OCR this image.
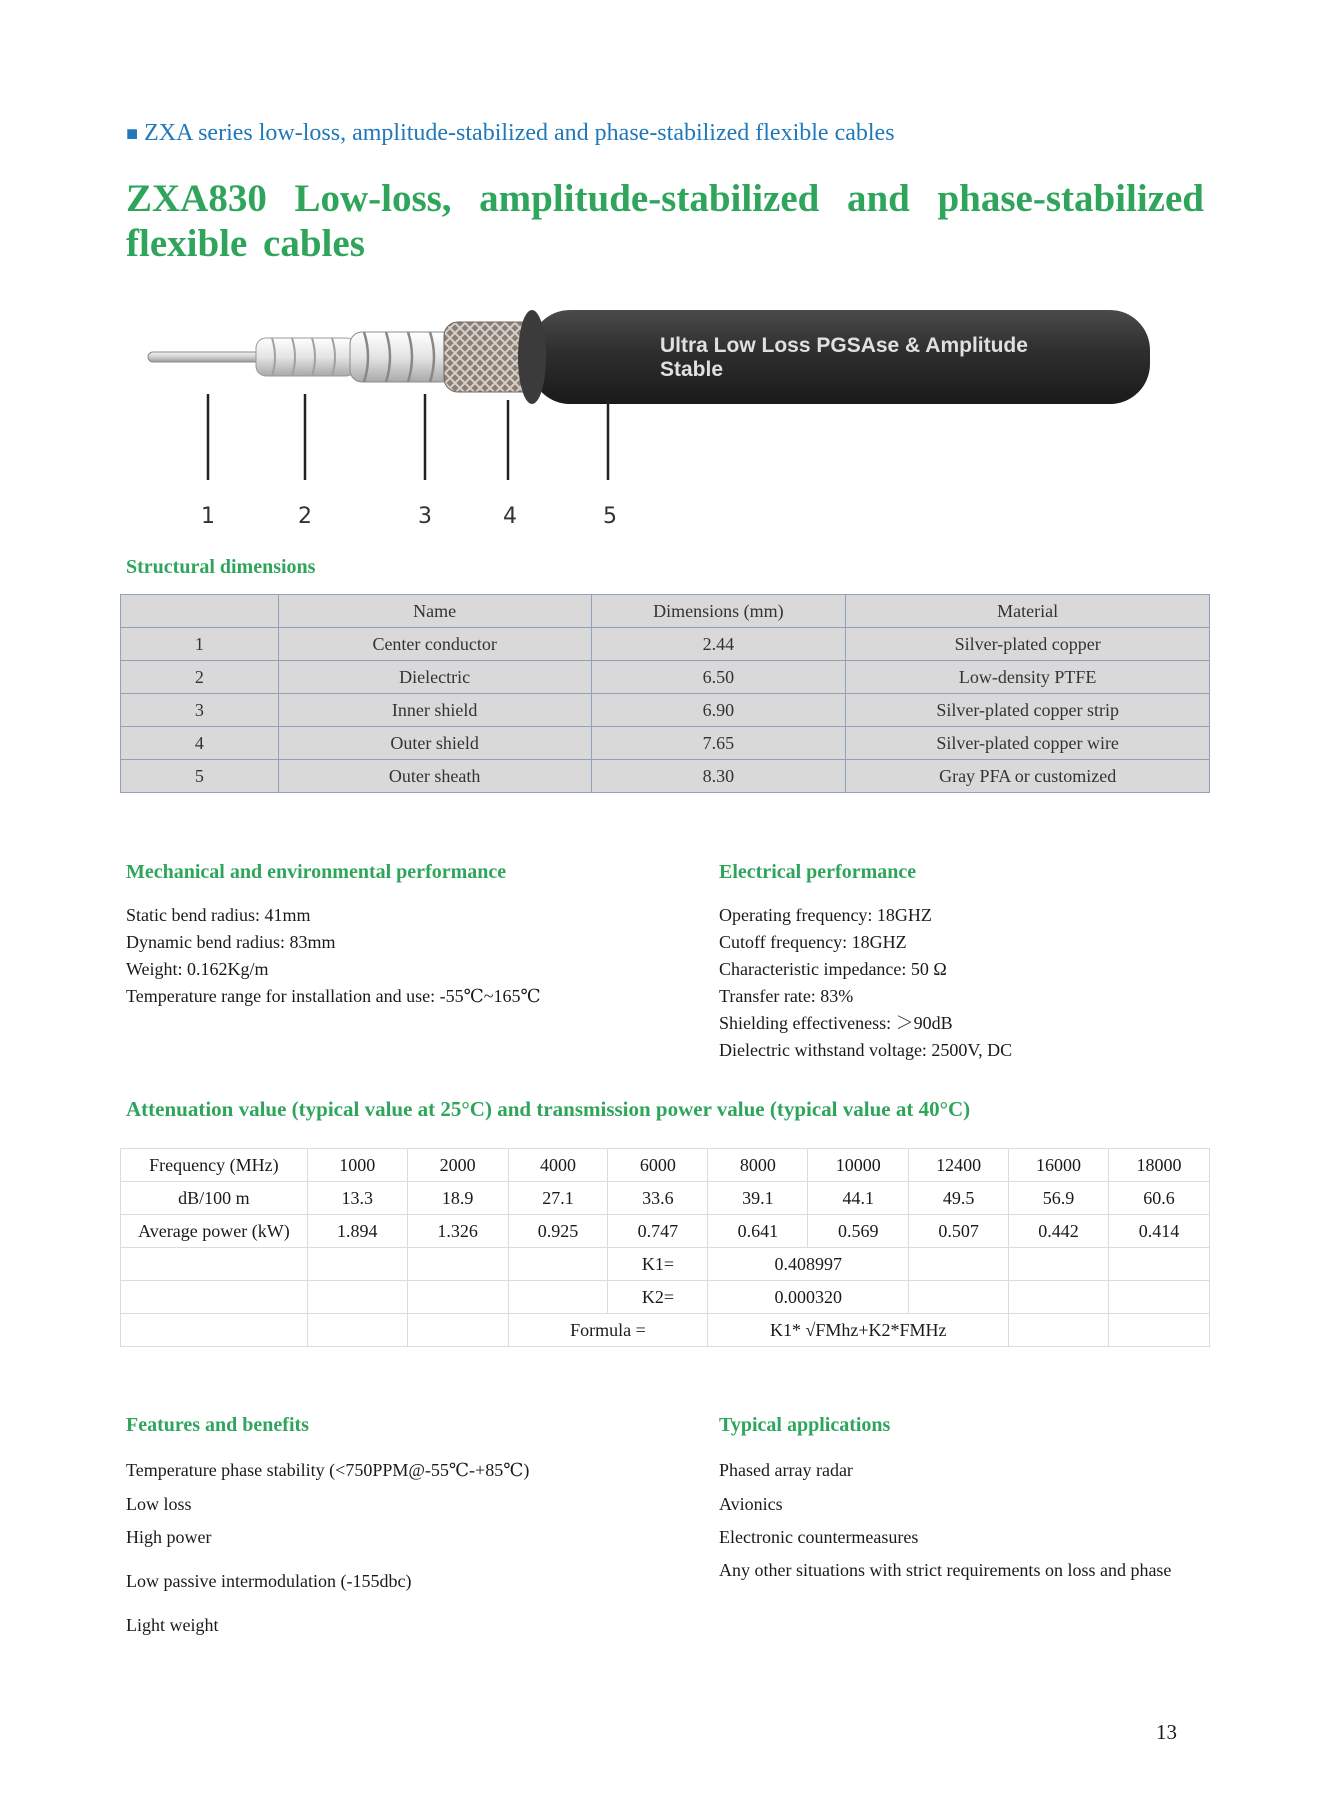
■ ZXA series low-loss, amplitude-stabilized and phase-stabilized flexible cables
ZXA830 Low-loss, amplitude-stabilized and phase-stabilized flexible cables
Ultra Low Loss PGSAse & Amplitude
Stable
1	2	3	4	5
Structural dimensions
	Name	Dimensions (mm)	Material
1	Center conductor	2.44	Silver-plated copper
2	Dielectric	6.50	Low-density PTFE
3	Inner shield	6.90	Silver-plated copper strip
4	Outer shield	7.65	Silver-plated copper wire
5	Outer sheath	8.30	Gray PFA or customized
Mechanical and environmental performance
Static bend radius: 41mm
Dynamic bend radius: 83mm
Weight: 0.162Kg/m
Temperature range for installation and use: -55℃~165℃
Electrical performance
Operating frequency: 18GHZ
Cutoff frequency: 18GHZ
Characteristic impedance: 50 Ω
Transfer rate: 83%
Shielding effectiveness: ＞90dB
Dielectric withstand voltage: 2500V, DC
Attenuation value (typical value at 25°C) and transmission power value (typical value at 40°C)
Frequency (MHz)	1000	2000	4000	6000	8000	10000	12400	16000	18000
dB/100 m	13.3	18.9	27.1	33.6	39.1	44.1	49.5	56.9	60.6
Average power (kW)	1.894	1.326	0.925	0.747	0.641	0.569	0.507	0.442	0.414
				K1=	0.408997				
				K2=	0.000320				
			Formula =		K1* √FMhz+K2*FMHz				
Features and benefits
Temperature phase stability (<750PPM@-55℃-+85℃)
Low loss
High power
Low passive intermodulation (-155dbc)
Light weight
Typical applications
Phased array radar
Avionics
Electronic countermeasures
Any other situations with strict requirements on loss and phase
13
